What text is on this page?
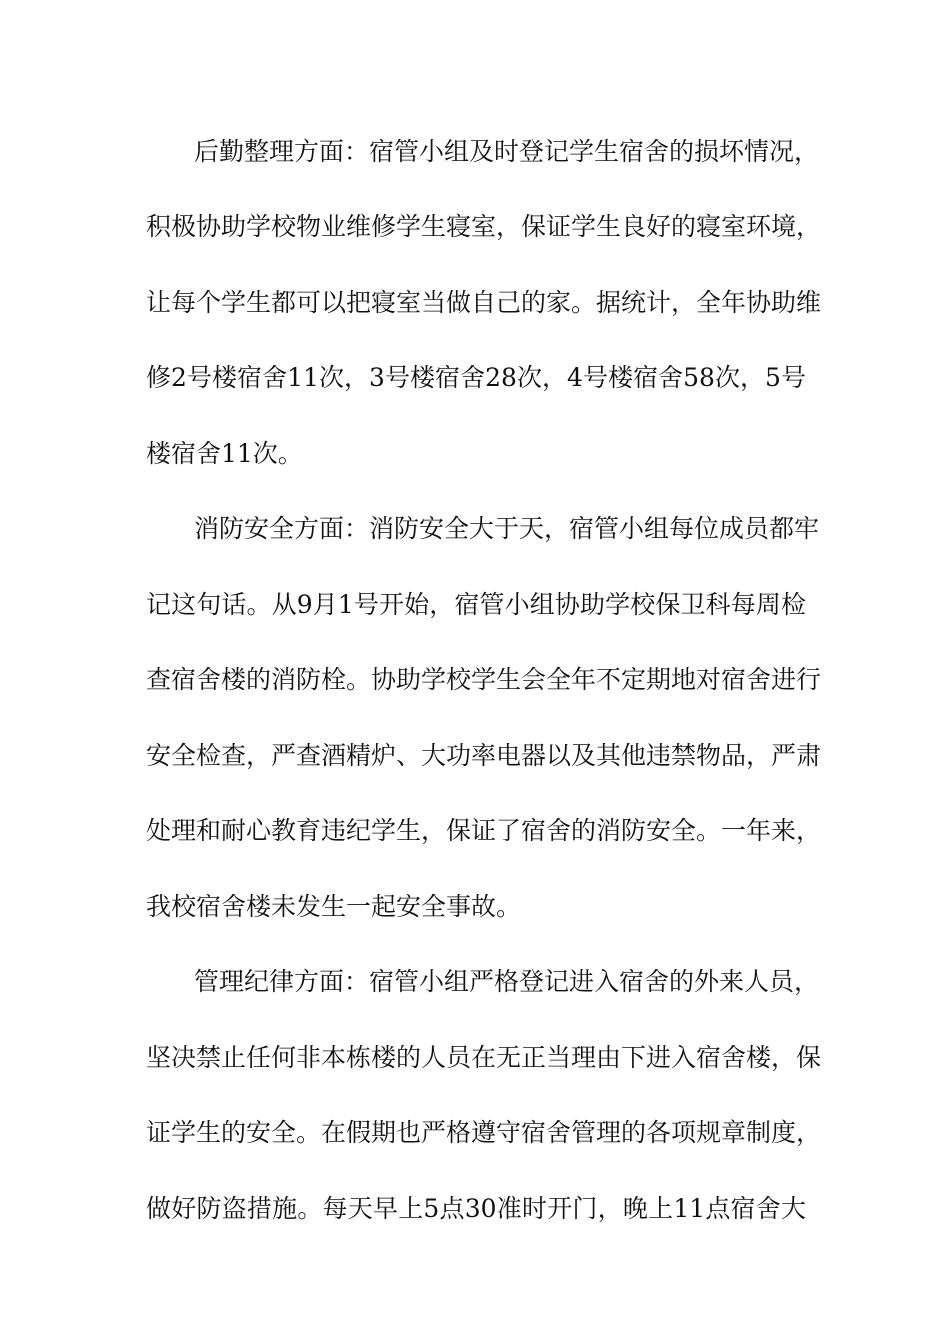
后勤整理方面：宿管小组及时登记学生宿舍的损坏情况，
积极协助学校物业维修学生寝室，保证学生良好的寝室环境，
让每个学生都可以把寝室当做自己的家。据统计，全年协助维
修2号楼宿舍11次，3号楼宿舍28次，4号楼宿舍58次，5号
楼宿舍11次。
消防安全方面：消防安全大于天，宿管小组每位成员都牢
记这句话。从9月1号开始，宿管小组协助学校保卫科每周检
查宿舍楼的消防栓。协助学校学生会全年不定期地对宿舍进行
安全检查，严查酒精炉、大功率电器以及其他违禁物品，严肃
处理和耐心教育违纪学生，保证了宿舍的消防安全。一年来，
我校宿舍楼未发生一起安全事故。
管理纪律方面：宿管小组严格登记进入宿舍的外来人员，
坚决禁止任何非本栋楼的人员在无正当理由下进入宿舍楼，保
证学生的安全。在假期也严格遵守宿舍管理的各项规章制度，
做好防盗措施。每天早上5点30准时开门，晚上11点宿舍大
